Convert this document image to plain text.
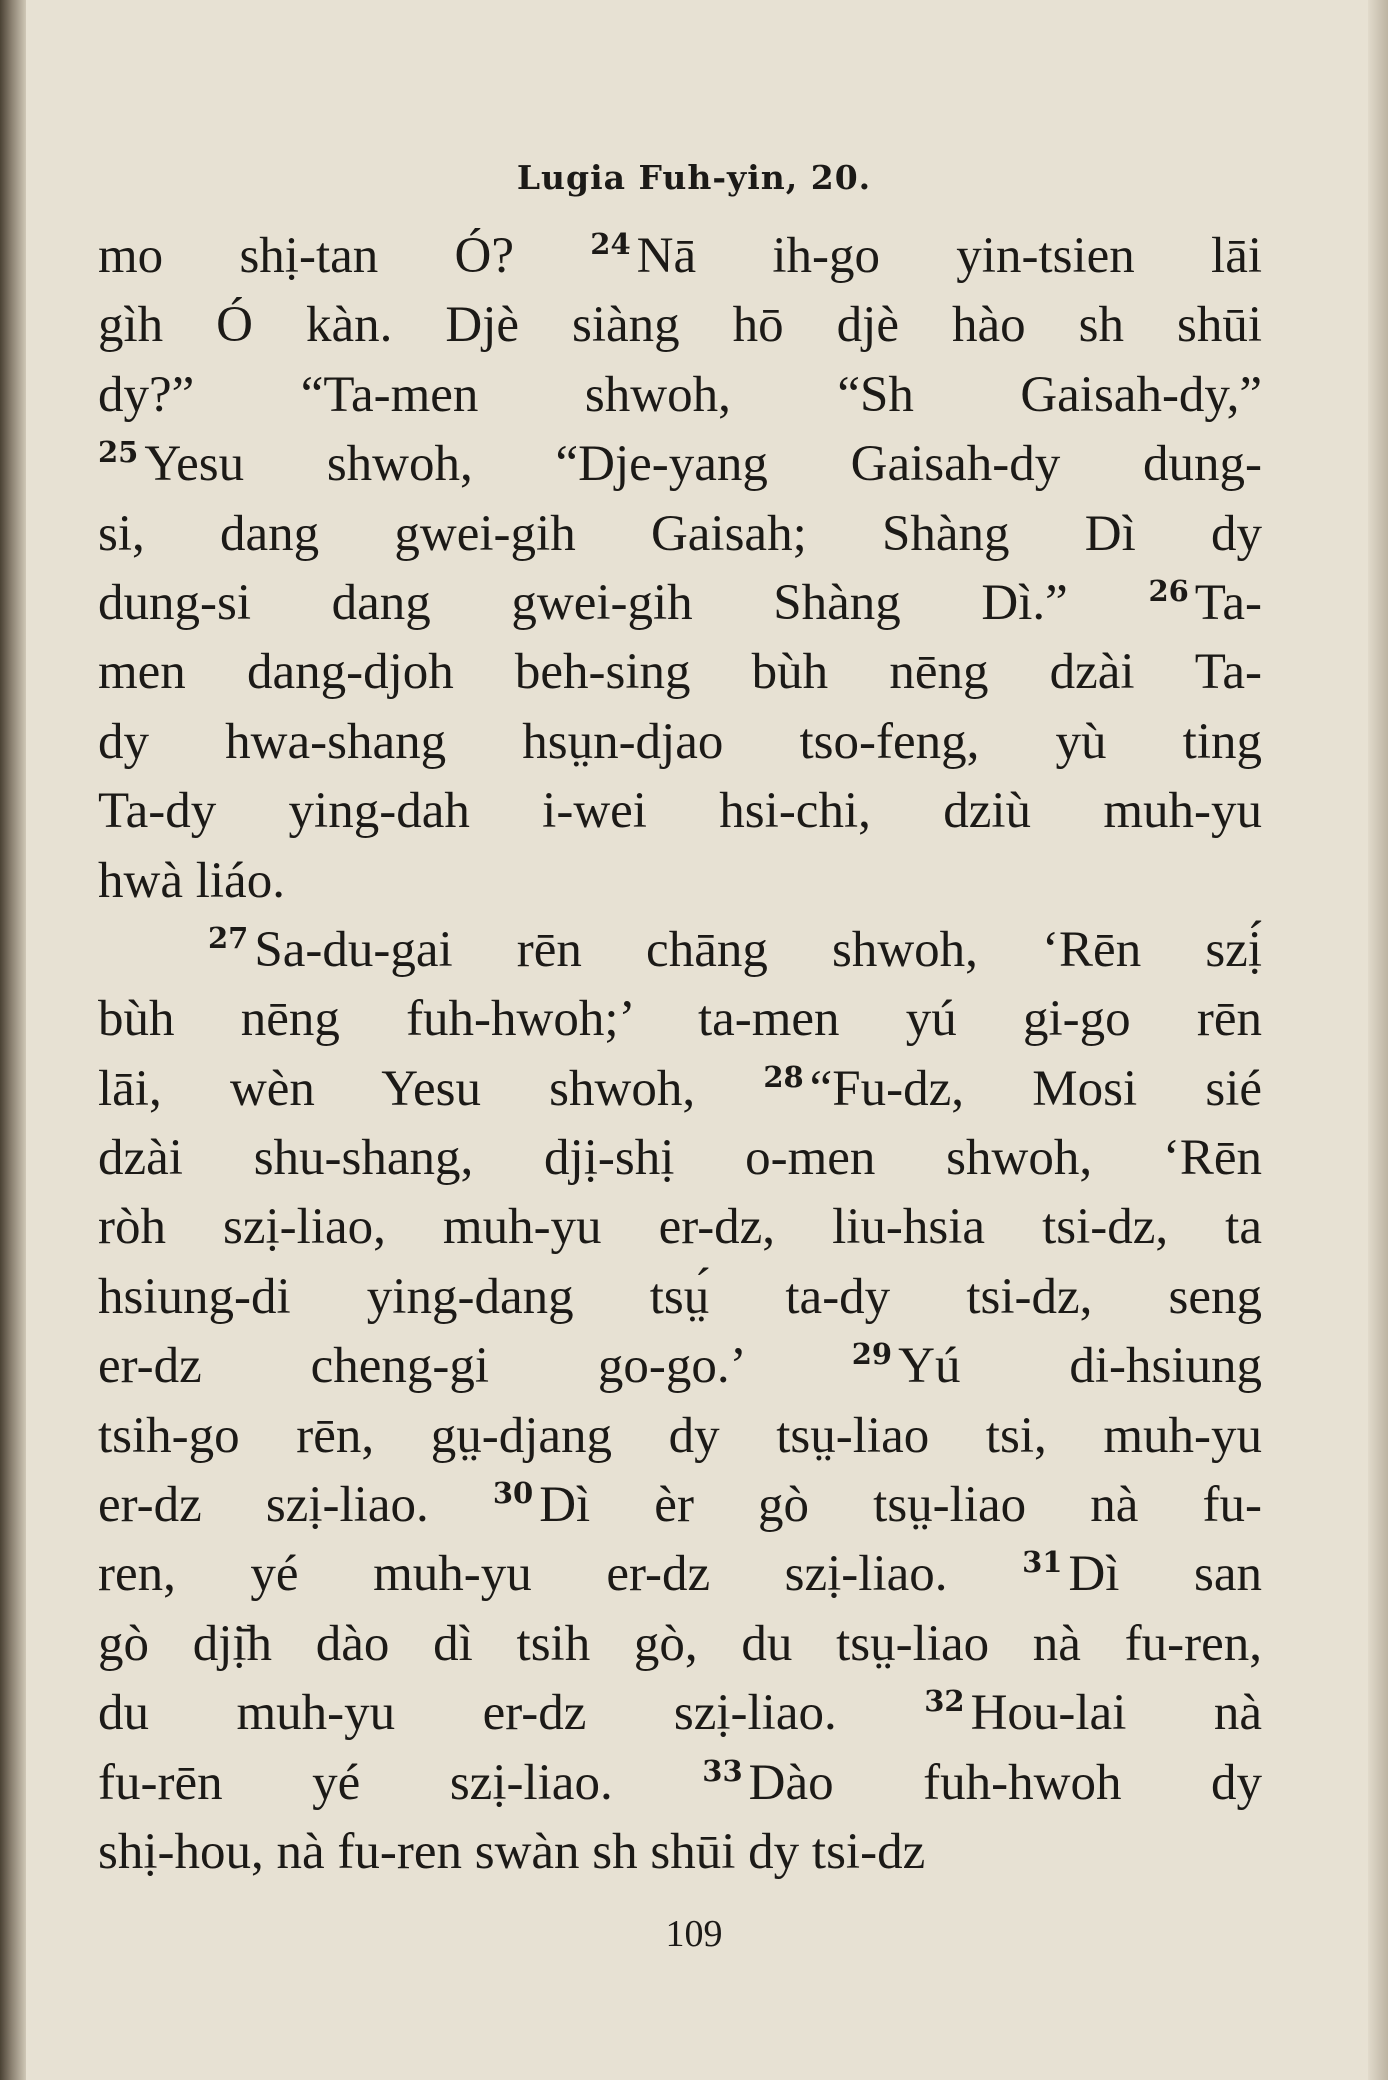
Lugia Fuh-yin, 20.
mo shị-tan Ó?	$^{24}$ Nā ih-go yin-tsien lāi
gìh Ó kàn. Djè siàng hō djè hào sh shūi
dy?” “Ta-men shwoh, “Sh Gaisah-dy,”
$^{25}$ Yesu shwoh, “Dje-yang Gaisah-dy dung-
si, dang gwei-gih Gaisah; Shàng Dì dy
dung-si dang gwei-gih Shàng Dì.”	$^{26}$ Ta-
men dang-djoh beh-sing bùh nēng dzài Ta-
dy hwa-shang hsṳn-djao tso-feng, yù ting
Ta-dy ying-dah i-wei hsi-chi, dziù muh-yu
hwà liáo.
$^{27}$ Sa-du-gai rēn chāng shwoh, ‘Rēn szị́
bùh nēng fuh-hwoh;’ ta-men yú gi-go rēn
lāi, wèn Yesu shwoh, $^{28}$ “Fu-dz, Mosi sié
dzài shu-shang, djị-shị o-men shwoh, ‘Rēn
ròh szị-liao, muh-yu er-dz, liu-hsia tsi-dz, ta
hsiung-di ying-dang tsṳ́ ta-dy tsi-dz, seng
er-dz cheng-gi go-go.’	$^{29}$ Yú di-hsiung
tsih-go rēn, gṳ-djang dy tsṳ-liao tsi, muh-yu
er-dz szị-liao. $^{30}$ Dì èr gò tsṳ-liao nà fu-
ren, yé muh-yu er-dz szị-liao.	$^{31}$ Dì san
gò djị̄h dào dì tsih gò, du tsṳ-liao nà fu-ren,
du muh-yu er-dz szị-liao.	$^{32}$ Hou-lai nà
fu-rēn yé szị-liao.	$^{33}$ Dào fuh-hwoh dy
shị-hou, nà fu-ren swàn sh shūi dy tsi-dz
109
